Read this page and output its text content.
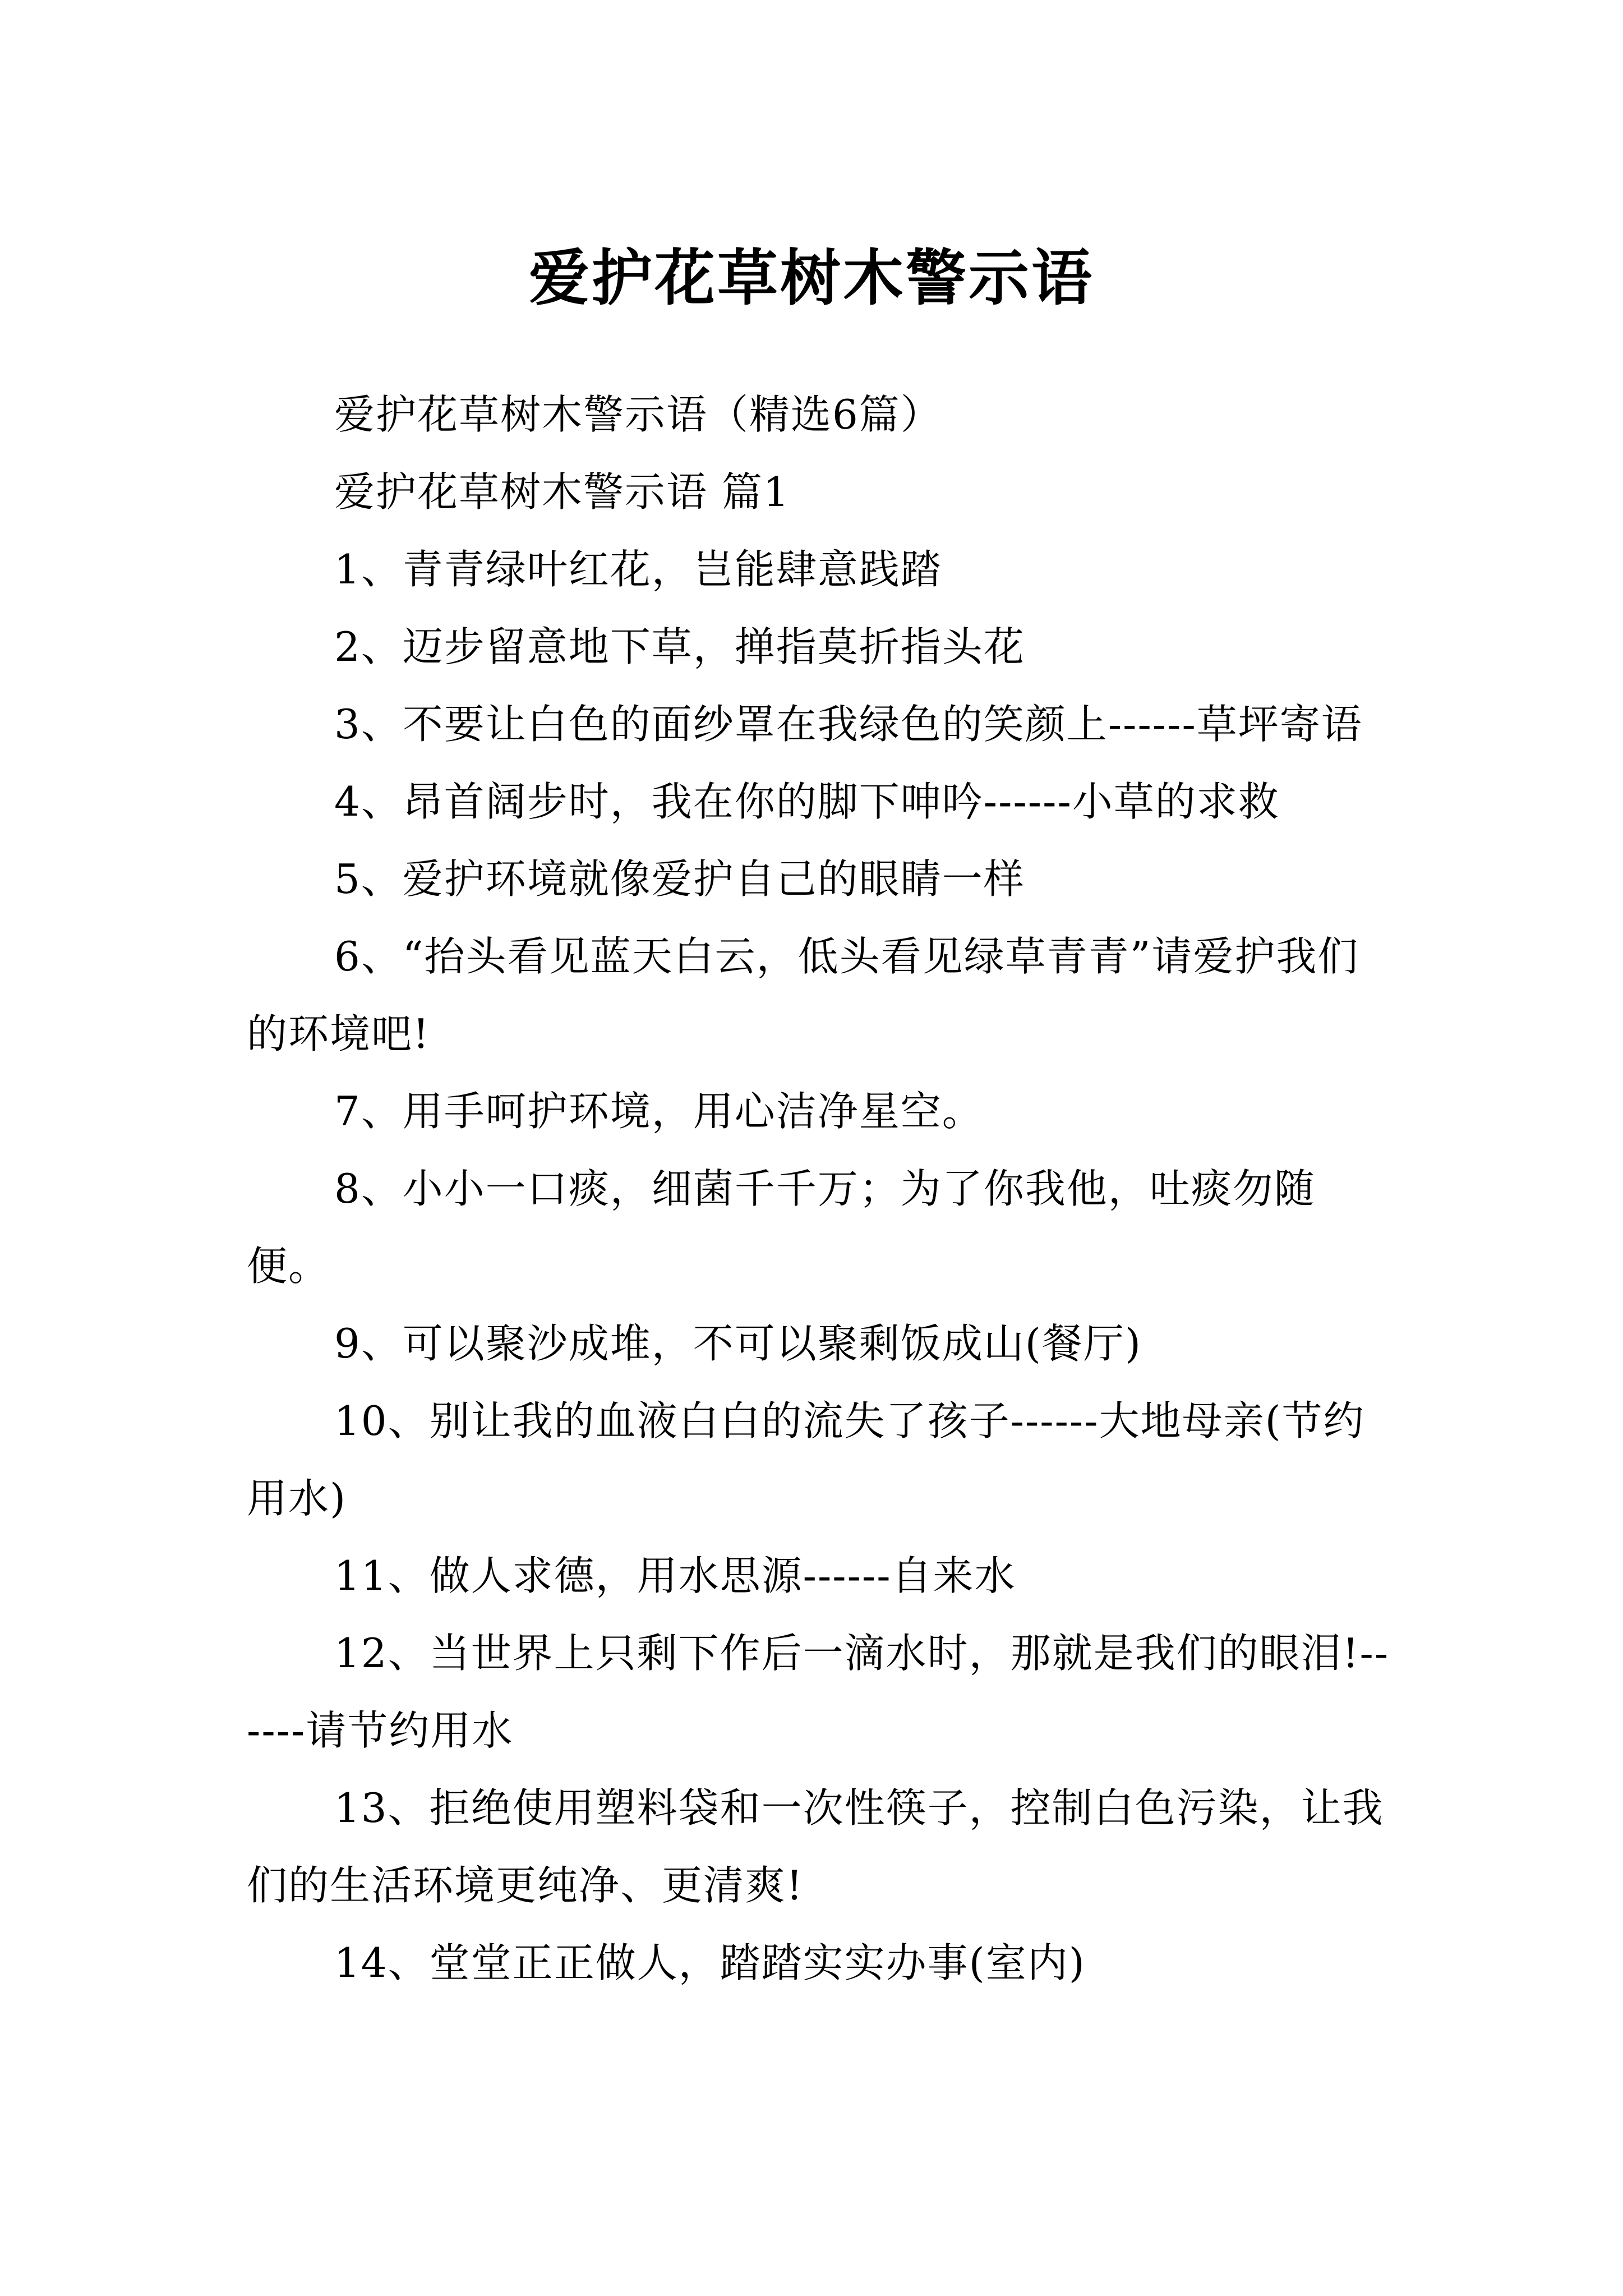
爱护花草树木警示语

爱护花草树木警示语（精选6篇）

爱护花草树木警示语 篇1

1、青青绿叶红花，岂能肆意践踏

2、迈步留意地下草，掸指莫折指头花

3、不要让白色的面纱罩在我绿色的笑颜上------草坪寄语

4、昂首阔步时，我在你的脚下呻吟------小草的求救

5、爱护环境就像爱护自己的眼睛一样

6、“抬头看见蓝天白云，低头看见绿草青青”请爱护我们的环境吧!

7、用手呵护环境，用心洁净星空。

8、小小一口痰，细菌千千万；为了你我他，吐痰勿随便。

9、可以聚沙成堆，不可以聚剩饭成山(餐厅)

10、别让我的血液白白的流失了孩子------大地母亲(节约用水)

11、做人求德，用水思源------自来水

12、当世界上只剩下作后一滴水时，那就是我们的眼泪!------请节约用水

13、拒绝使用塑料袋和一次性筷子，控制白色污染，让我们的生活环境更纯净、更清爽!

14、堂堂正正做人，踏踏实实办事(室内)
